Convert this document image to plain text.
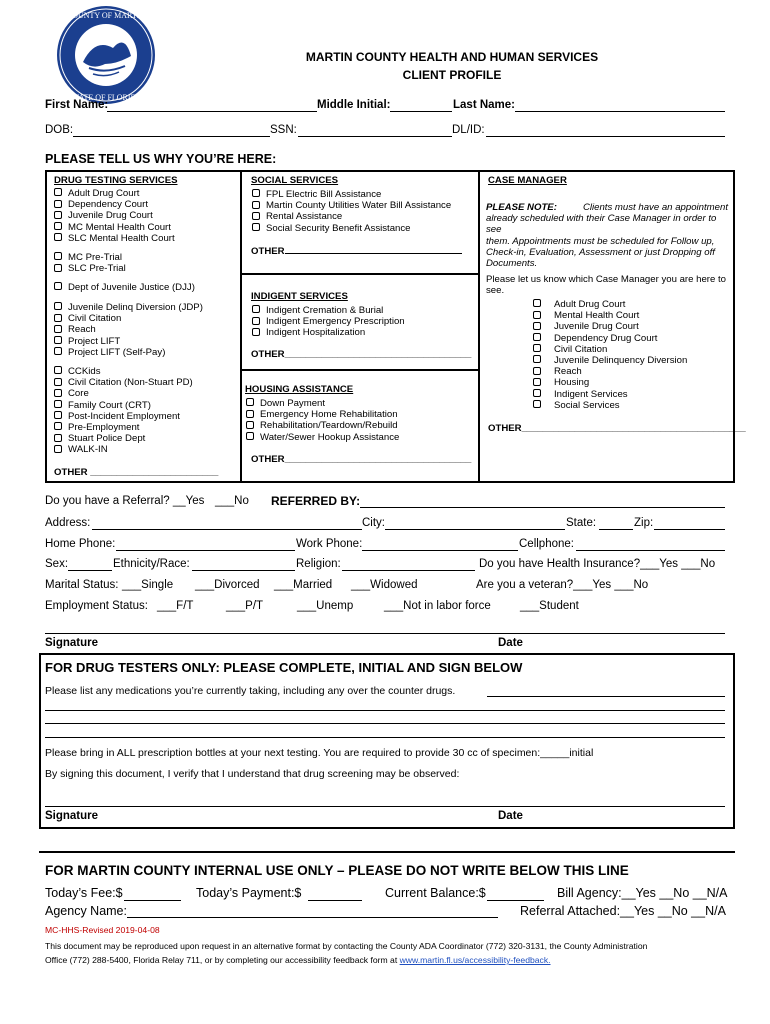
COUNTY OF MARTIN
STATE OF FLORIDA
MARTIN COUNTY HEALTH AND HUMAN SERVICES
CLIENT PROFILE
First Name:	Middle Initial:	Last Name:
DOB:	SSN:	DL/ID:
PLEASE TELL US WHY YOU’RE HERE:
DRUG TESTING SERVICES
Adult Drug Court
Dependency Court
Juvenile Drug Court
MC Mental Health Court
SLC Mental Health Court
MC Pre-Trial
SLC Pre-Trial
Dept of Juvenile Justice (DJJ)
Juvenile Delinq Diversion (JDP)
Civil Citation
Reach
Project LIFT
Project LIFT (Self-Pay)
CCKids
Civil Citation (Non-Stuart PD)
Core
Family Court (CRT)
Post-Incident Employment
Pre-Employment
Stuart Police Dept
WALK-IN
OTHER ________________________
SOCIAL SERVICES
FPL Electric Bill Assistance
Martin County Utilities Water Bill Assistance
Rental Assistance
Social Security Benefit Assistance
OTHER
INDIGENT SERVICES
Indigent Cremation & Burial
Indigent Emergency Prescription
Indigent Hospitalization
OTHER___________________________________
HOUSING ASSISTANCE
Down Payment
Emergency Home Rehabilitation
Rehabilitation/Teardown/Rebuild
Water/Sewer Hookup Assistance
OTHER___________________________________
CASE MANAGER
PLEASE NOTE:	Clients must have an appointment
already scheduled with their Case Manager in order to see
them. Appointments must be scheduled for Follow up,
Check-in, Evaluation, Assessment or just Dropping off
Documents.
Please let us know which Case Manager you are here to
see.
Adult Drug Court
Mental Health Court
Juvenile Drug Court
Dependency Drug Court
Civil Citation
Juvenile Delinquency Diversion
Reach
Housing
Indigent Services
Social Services
OTHER__________________________________________
Do you have a Referral? __Yes ___No REFERRED BY:
Address:	City:	State:	Zip:
Home Phone:	Work Phone:	Cellphone:
Sex:	Ethnicity/Race:	Religion:	Do you have Health Insurance?___Yes ___No
Marital Status: ___Single ___Divorced ___Married ___Widowed	Are you a veteran?___Yes ___No
Employment Status: ___F/T	___P/T	___Unemp	___Not in labor force	___Student
Signature	Date
FOR DRUG TESTERS ONLY: PLEASE COMPLETE, INITIAL AND SIGN BELOW
Please list any medications you’re currently taking, including any over the counter drugs.
Please bring in ALL prescription bottles at your next testing. You are required to provide 30 cc of specimen:_____initial
By signing this document, I verify that I understand that drug screening may be observed:
Signature	Date
FOR MARTIN COUNTY INTERNAL USE ONLY – PLEASE DO NOT WRITE BELOW THIS LINE
Today’s Fee:$	Today’s Payment:$	Current Balance:$	Bill Agency:__Yes __No __N/A
Agency Name:	Referral Attached:__Yes __No __N/A
MC-HHS-Revised 2019-04-08
This document may be reproduced upon request in an alternative format by contacting the County ADA Coordinator (772) 320-3131, the County Administration
Office (772) 288-5400, Florida Relay 711, or by completing our accessibility feedback form at www.martin.fl.us/accessibility-feedback.
